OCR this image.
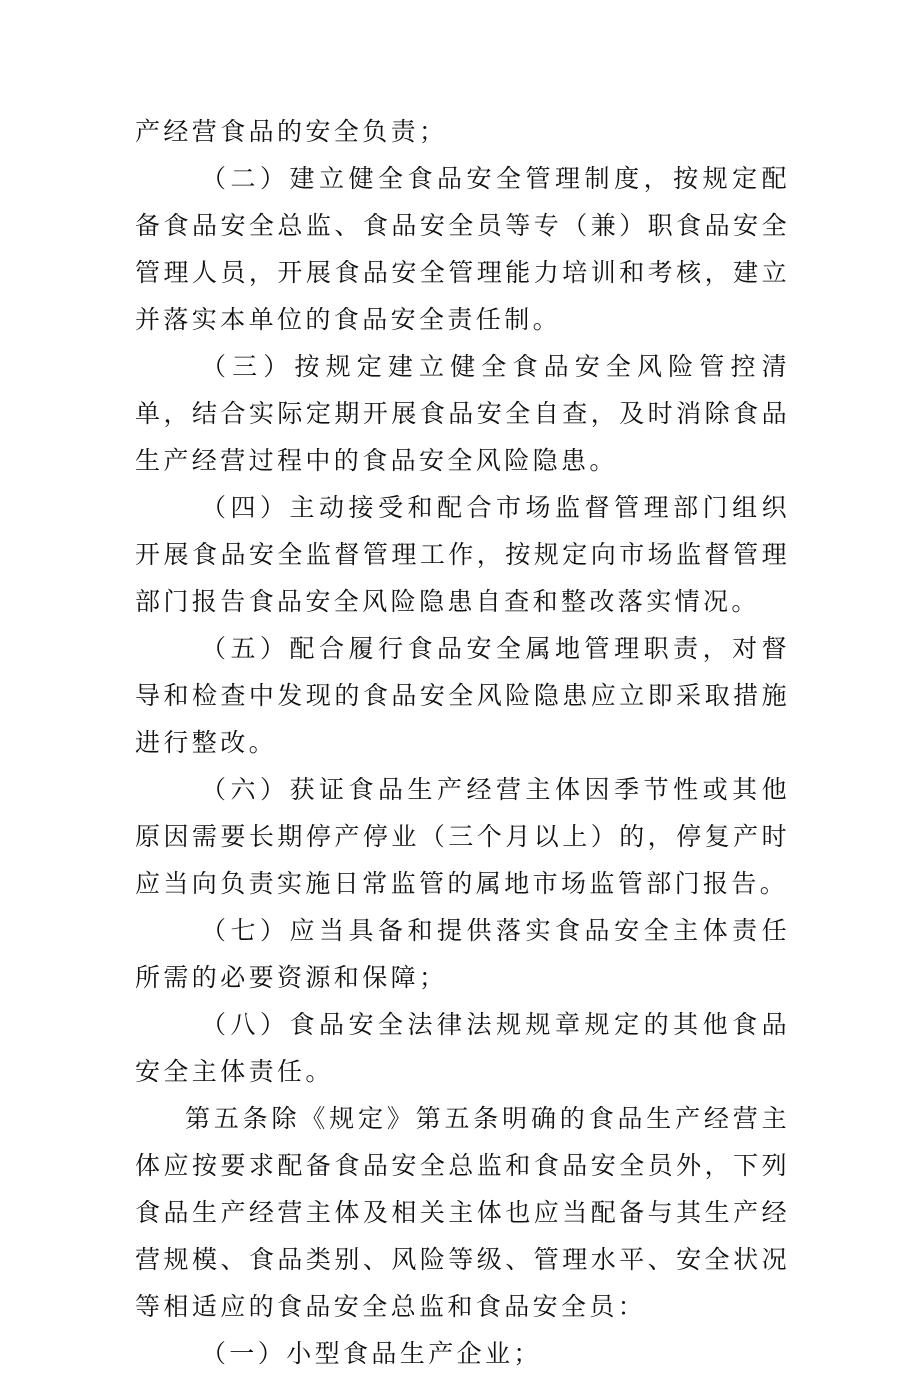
产经营食品的安全负责；

（二）建立健全食品安全管理制度，按规定配备食品安全总监、食品安全员等专（兼）职食品安全管理人员，开展食品安全管理能力培训和考核，建立并落实本单位的食品安全责任制。

（三）按规定建立健全食品安全风险管控清单，结合实际定期开展食品安全自查，及时消除食品生产经营过程中的食品安全风险隐患。

（四）主动接受和配合市场监督管理部门组织开展食品安全监督管理工作，按规定向市场监督管理部门报告食品安全风险隐患自查和整改落实情况。

（五）配合履行食品安全属地管理职责，对督导和检查中发现的食品安全风险隐患应立即采取措施进行整改。

（六）获证食品生产经营主体因季节性或其他原因需要长期停产停业（三个月以上）的，停复产时应当向负责实施日常监管的属地市场监管部门报告。

（七）应当具备和提供落实食品安全主体责任所需的必要资源和保障；

（八）食品安全法律法规规章规定的其他食品安全主体责任。

第五条除《规定》第五条明确的食品生产经营主体应按要求配备食品安全总监和食品安全员外，下列食品生产经营主体及相关主体也应当配备与其生产经营规模、食品类别、风险等级、管理水平、安全状况等相适应的食品安全总监和食品安全员：

（一）小型食品生产企业；
